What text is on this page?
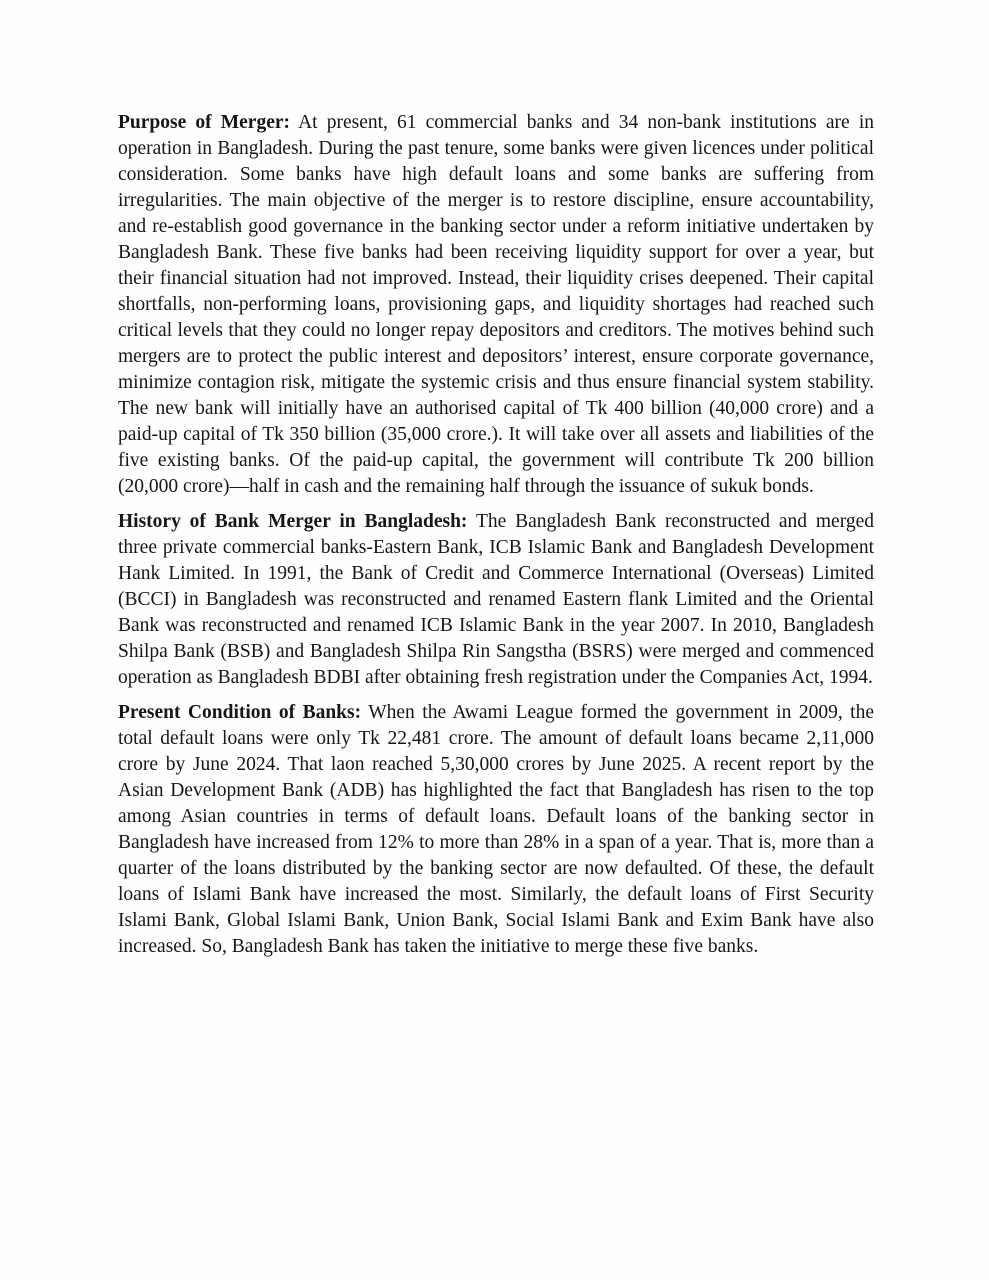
Purpose of Merger: At present, 61 commercial banks and 34 non-bank institutions are in operation in Bangladesh. During the past tenure, some banks were given licences under political consideration. Some banks have high default loans and some banks are suffering from irregularities. The main objective of the merger is to restore discipline, ensure accountability, and re-establish good governance in the banking sector under a reform initiative undertaken by Bangladesh Bank. These five banks had been receiving liquidity support for over a year, but their financial situation had not improved. Instead, their liquidity crises deepened. Their capital shortfalls, non-performing loans, provisioning gaps, and liquidity shortages had reached such critical levels that they could no longer repay depositors and creditors. The motives behind such mergers are to protect the public interest and depositors’ interest, ensure corporate governance, minimize contagion risk, mitigate the systemic crisis and thus ensure financial system stability. The new bank will initially have an authorised capital of Tk 400 billion (40,000 crore) and a paid-up capital of Tk 350 billion (35,000 crore.). It will take over all assets and liabilities of the five existing banks. Of the paid-up capital, the government will contribute Tk 200 billion (20,000 crore)—half in cash and the remaining half through the issuance of sukuk bonds.

History of Bank Merger in Bangladesh: The Bangladesh Bank reconstructed and merged three private commercial banks-Eastern Bank, ICB Islamic Bank and Bangladesh Development Hank Limited. In 1991, the Bank of Credit and Commerce International (Overseas) Limited (BCCI) in Bangladesh was reconstructed and renamed Eastern flank Limited and the Oriental Bank was reconstructed and renamed ICB Islamic Bank in the year 2007. In 2010, Bangladesh Shilpa Bank (BSB) and Bangladesh Shilpa Rin Sangstha (BSRS) were merged and commenced operation as Bangladesh BDBI after obtaining fresh registration under the Companies Act, 1994.

Present Condition of Banks: When the Awami League formed the government in 2009, the total default loans were only Tk 22,481 crore. The amount of default loans became 2,11,000 crore by June 2024. That laon reached 5,30,000 crores by June 2025. A recent report by the Asian Development Bank (ADB) has highlighted the fact that Bangladesh has risen to the top among Asian countries in terms of default loans. Default loans of the banking sector in Bangladesh have increased from 12% to more than 28% in a span of a year. That is, more than a quarter of the loans distributed by the banking sector are now defaulted. Of these, the default loans of Islami Bank have increased the most. Similarly, the default loans of First Security Islami Bank, Global Islami Bank, Union Bank, Social Islami Bank and Exim Bank have also increased. So, Bangladesh Bank has taken the initiative to merge these five banks.
